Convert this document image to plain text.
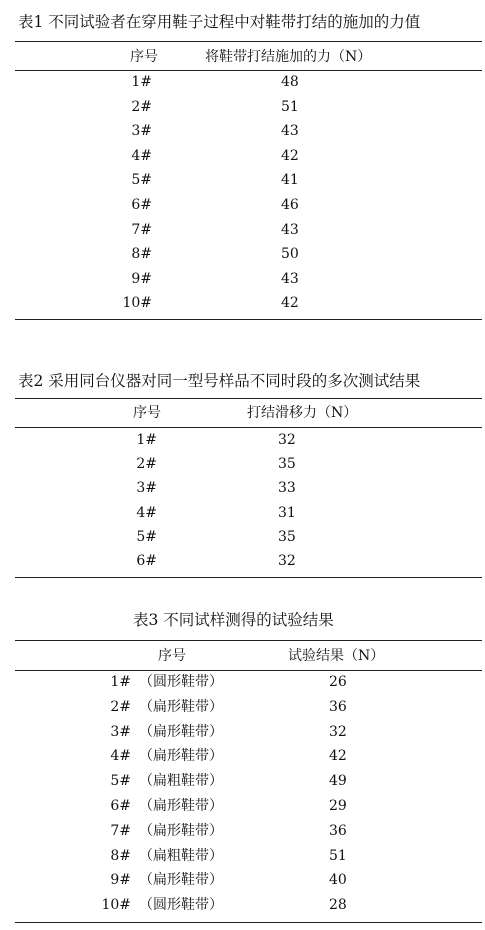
表1 不同试验者在穿用鞋子过程中对鞋带打结的施加的力值
序号	将鞋带打结施加的力（N）
1#	48
2#	51
3#	43
4#	42
5#	41
6#	46
7#	43
8#	50
9#	43
10#	42
表2 采用同台仪器对同一型号样品不同时段的多次测试结果
序号	打结滑移力（N）
1#	32
2#	35
3#	33
4#	31
5#	35
6#	32
表3 不同试样测得的试验结果
序号	试验结果（N）
1# （圆形鞋带）	26
2# （扁形鞋带）	36
3# （扁形鞋带）	32
4# （扁形鞋带）	42
5# （扁粗鞋带）	49
6# （扁形鞋带）	29
7# （扁形鞋带）	36
8# （扁粗鞋带）	51
9# （扁形鞋带）	40
10# （圆形鞋带）	28
